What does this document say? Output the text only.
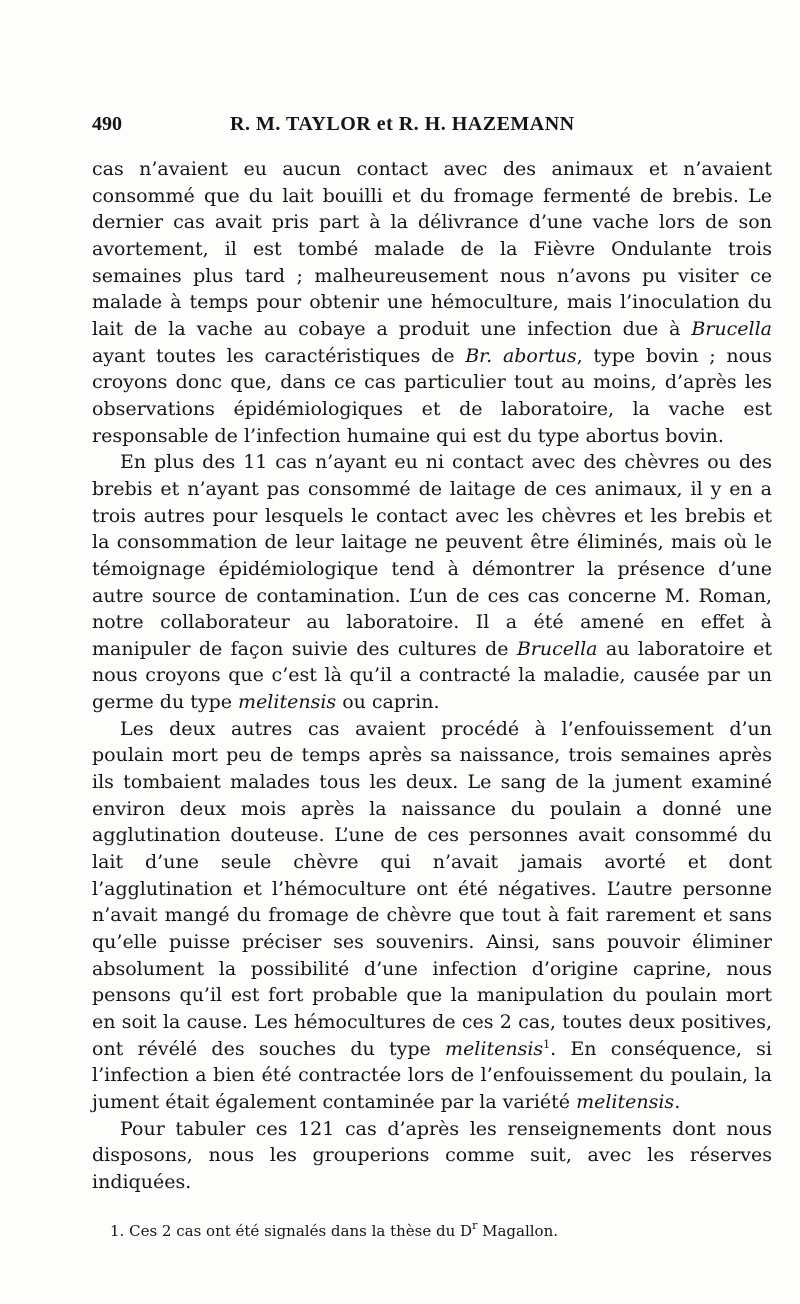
490	R. M. TAYLOR et R. H. HAZEMANN

cas n’avaient eu aucun contact avec des animaux et n’avaient consommé que du lait bouilli et du fromage fermenté de brebis. Le dernier cas avait pris part à la délivrance d’une vache lors de son avortement, il est tombé malade de la Fièvre Ondulante trois semaines plus tard ; malheureusement nous n’avons pu visiter ce malade à temps pour obtenir une hémoculture, mais l’inoculation du lait de la vache au cobaye a produit une infection due à Brucella ayant toutes les caractéristiques de Br. abortus, type bovin ; nous croyons donc que, dans ce cas particulier tout au moins, d’après les observations épidémiologiques et de laboratoire, la vache est responsable de l’infection humaine qui est du type abortus bovin.

En plus des 11 cas n’ayant eu ni contact avec des chèvres ou des brebis et n’ayant pas consommé de laitage de ces animaux, il y en a trois autres pour lesquels le contact avec les chèvres et les brebis et la consommation de leur laitage ne peuvent être éliminés, mais où le témoignage épidémiologique tend à démontrer la présence d’une autre source de contamination. L’un de ces cas concerne M. Roman, notre collaborateur au laboratoire. Il a été amené en effet à manipuler de façon suivie des cultures de Brucella au laboratoire et nous croyons que c’est là qu’il a contracté la maladie, causée par un germe du type melitensis ou caprin.

Les deux autres cas avaient procédé à l’enfouissement d’un poulain mort peu de temps après sa naissance, trois semaines après ils tombaient malades tous les deux. Le sang de la jument examiné environ deux mois après la naissance du poulain a donné une agglutination douteuse. L’une de ces personnes avait consommé du lait d’une seule chèvre qui n’avait jamais avorté et dont l’agglutination et l’hémoculture ont été négatives. L’autre personne n’avait mangé du fromage de chèvre que tout à fait rarement et sans qu’elle puisse préciser ses souvenirs. Ainsi, sans pouvoir éliminer absolument la possibilité d’une infection d’origine caprine, nous pensons qu’il est fort probable que la manipulation du poulain mort en soit la cause. Les hémocultures de ces 2 cas, toutes deux positives, ont révélé des souches du type melitensis$^1$. En conséquence, si l’infection a bien été contractée lors de l’enfouissement du poulain, la jument était également contaminée par la variété melitensis.

Pour tabuler ces 121 cas d’après les renseignements dont nous disposons, nous les grouperions comme suit, avec les réserves indiquées.

1. Ces 2 cas ont été signalés dans la thèse du $D^r$ Magallon.
